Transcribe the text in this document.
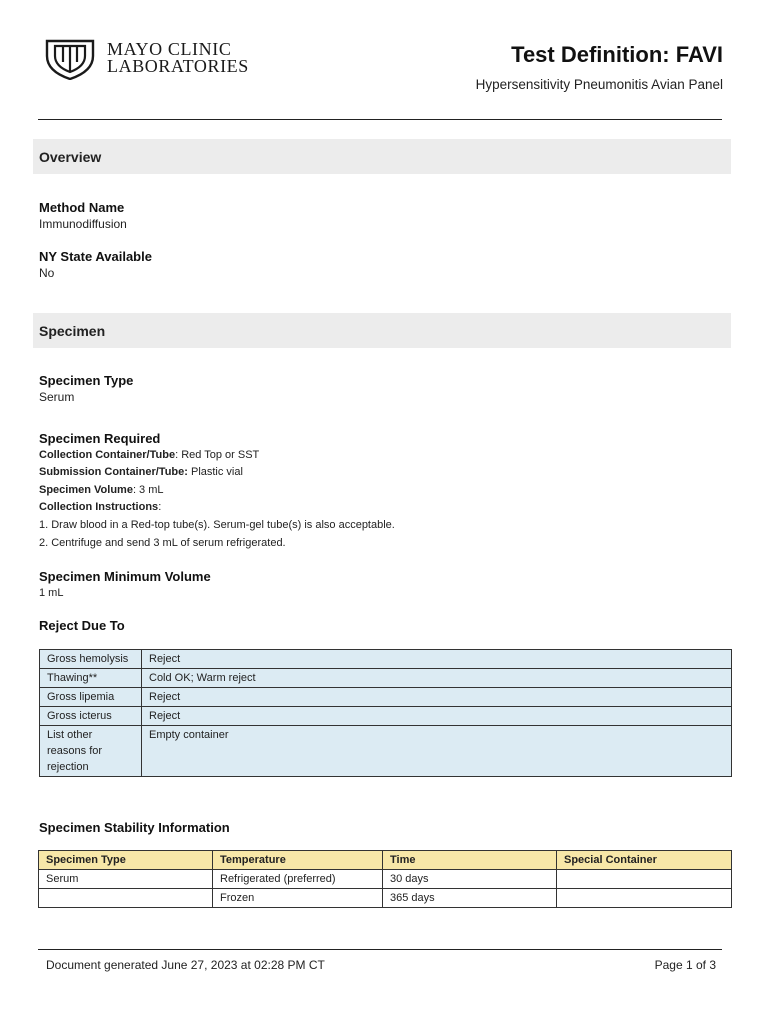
MAYO CLINIC
LABORATORIES	Test Definition: FAVI
Hypersensitivity Pneumonitis Avian Panel
Overview
Method Name
Immunodiffusion
NY State Available
No
Specimen
Specimen Type
Serum
Specimen Required
Collection Container/Tube: Red Top or SST
Submission Container/Tube: Plastic vial
Specimen Volume: 3 mL
Collection Instructions:
1. Draw blood in a Red-top tube(s). Serum-gel tube(s) is also acceptable.
2. Centrifuge and send 3 mL of serum refrigerated.
Specimen Minimum Volume
1 mL
Reject Due To
Gross hemolysis	Reject
Thawing**	Cold OK; Warm reject
Gross lipemia	Reject
Gross icterus	Reject
List other reasons for rejection	Empty container
Specimen Stability Information
Specimen Type	Temperature	Time	Special Container
Serum	Refrigerated (preferred)	30 days	
	Frozen	365 days	
Document generated June 27, 2023 at 02:28 PM CT	Page 1 of 3
